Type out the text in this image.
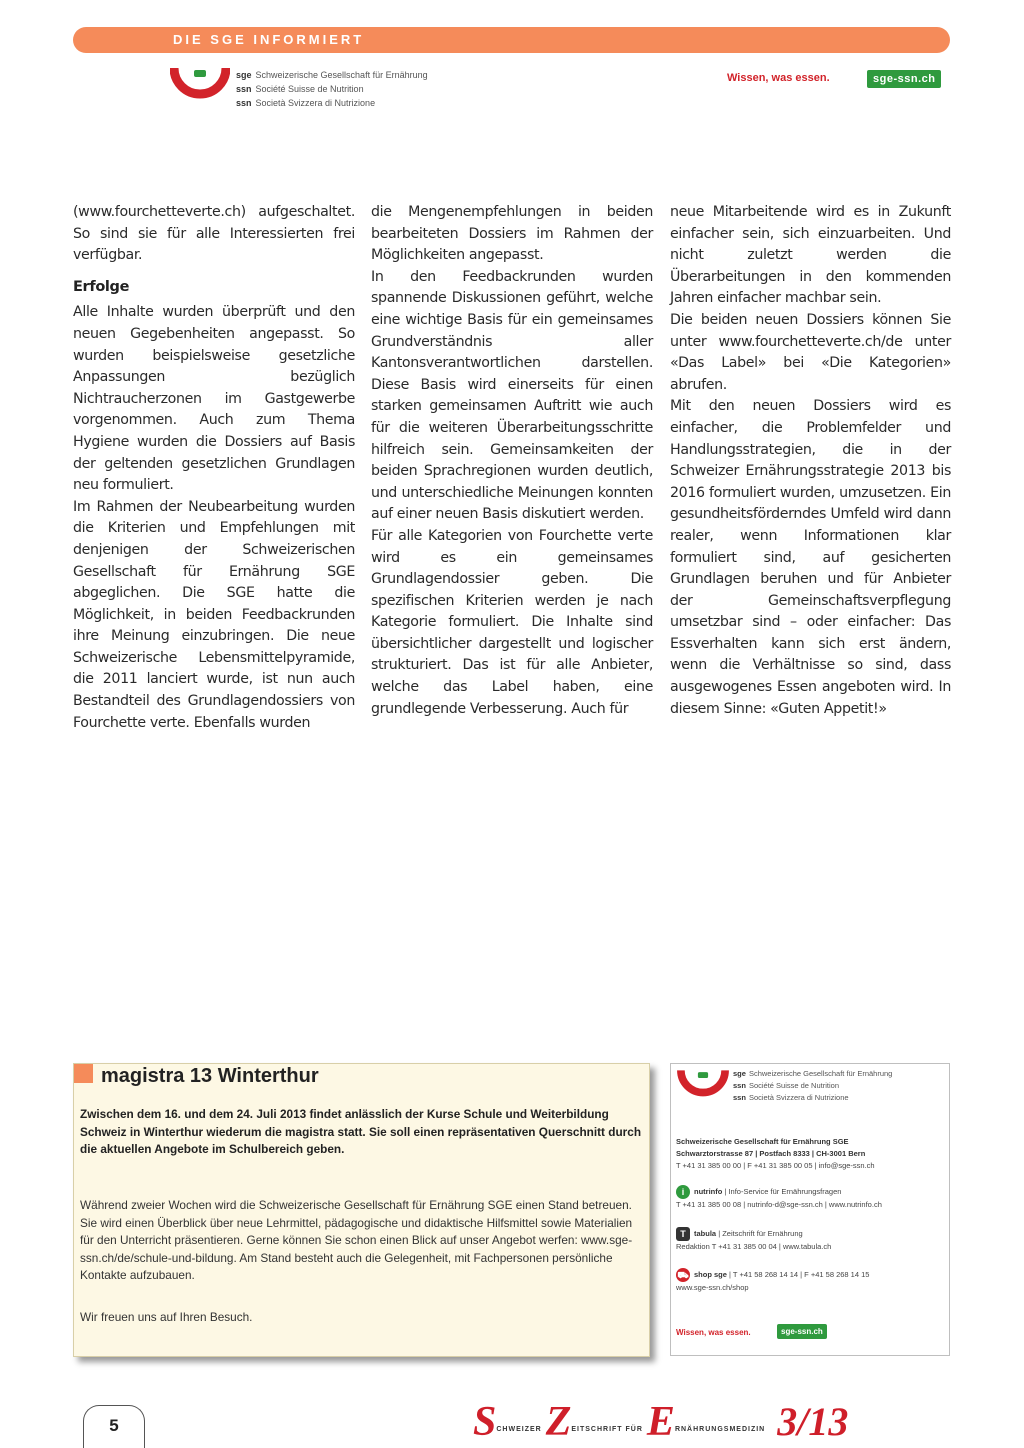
DIE SGE INFORMIERT
sge Schweizerische Gesellschaft für Ernährung
ssn Société Suisse de Nutrition
ssn Società Svizzera di Nutrizione
Wissen, was essen.	sge-ssn.ch

(www.fourchetteverte.ch) aufgeschaltet. So sind sie für alle Interessierten frei verfügbar.

Erfolge

Alle Inhalte wurden überprüft und den neuen Gegebenheiten angepasst. So wurden beispielsweise gesetzliche Anpassungen bezüglich Nichtraucherzonen im Gastgewerbe vorgenommen. Auch zum Thema Hygiene wurden die Dossiers auf Basis der geltenden gesetzlichen Grundlagen neu formuliert.

Im Rahmen der Neubearbeitung wurden die Kriterien und Empfehlungen mit denjenigen der Schweizerischen Gesellschaft für Ernährung SGE abgeglichen. Die SGE hatte die Möglichkeit, in beiden Feedbackrunden ihre Meinung einzubringen. Die neue Schweizerische Lebensmittelpyramide, die 2011 lanciert wurde, ist nun auch Bestandteil des Grundlagendossiers von Fourchette verte. Ebenfalls wurden

die Mengenempfehlungen in beiden bearbeiteten Dossiers im Rahmen der Möglichkeiten angepasst.

In den Feedbackrunden wurden spannende Diskussionen geführt, welche eine wichtige Basis für ein gemeinsames Grundverständnis aller Kantonsverantwortlichen darstellen. Diese Basis wird einerseits für einen starken gemeinsamen Auftritt wie auch für die weiteren Überarbeitungsschritte hilfreich sein. Gemeinsamkeiten der beiden Sprachregionen wurden deutlich, und unterschiedliche Meinungen konnten auf einer neuen Basis diskutiert werden.

Für alle Kategorien von Fourchette verte wird es ein gemeinsames Grundlagendossier geben. Die spezifischen Kriterien werden je nach Kategorie formuliert. Die Inhalte sind übersichtlicher dargestellt und logischer strukturiert. Das ist für alle Anbieter, welche das Label haben, eine grundlegende Verbesserung. Auch für

neue Mitarbeitende wird es in Zukunft einfacher sein, sich einzuarbeiten. Und nicht zuletzt werden die Überarbeitungen in den kommenden Jahren einfacher machbar sein.

Die beiden neuen Dossiers können Sie unter www.fourchetteverte.ch/de unter «Das Label» bei «Die Kategorien» abrufen.

Mit den neuen Dossiers wird es einfacher, die Problemfelder und Handlungsstrategien, die in der Schweizer Ernährungsstrategie 2013 bis 2016 formuliert wurden, umzusetzen. Ein gesundheitsförderndes Umfeld wird dann realer, wenn Informationen klar formuliert sind, auf gesicherten Grundlagen beruhen und für Anbieter der Gemeinschaftsverpflegung umsetzbar sind – oder einfacher: Das Essverhalten kann sich erst ändern, wenn die Verhältnisse so sind, dass ausgewogenes Essen angeboten wird. In diesem Sinne: «Guten Appetit!»

magistra 13 Winterthur
Zwischen dem 16. und dem 24. Juli 2013 findet anlässlich der Kurse Schule und Weiterbildung Schweiz in Winterthur wiederum die magistra statt. Sie soll einen repräsentativen Querschnitt durch die aktuellen Angebote im Schulbereich geben.
Während zweier Wochen wird die Schweizerische Gesellschaft für Ernährung SGE einen Stand betreuen. Sie wird einen Überblick über neue Lehrmittel, pädagogische und didaktische Hilfsmittel sowie Materialien für den Unterricht präsentieren. Gerne können Sie schon einen Blick auf unser Angebot werfen: www.sge-ssn.ch/de/schule-und-bildung. Am Stand besteht auch die Gelegenheit, mit Fachpersonen persönliche Kontakte aufzubauen.
Wir freuen uns auf Ihren Besuch.
sge Schweizerische Gesellschaft für Ernährung
ssn Société Suisse de Nutrition
ssn Società Svizzera di Nutrizione
Schweizerische Gesellschaft für Ernährung SGE
Schwarztorstrasse 87 | Postfach 8333 | CH-3001 Bern
T +41 31 385 00 00 | F +41 31 385 00 05 | info@sge-ssn.ch
i nutrinfo | Info-Service für Ernährungsfragen
T +41 31 385 00 08 | nutrinfo-d@sge-ssn.ch | www.nutrinfo.ch
T tabula | Zeitschrift für Ernährung
Redaktion T +41 31 385 00 04 | www.tabula.ch
⛟ shop sge | T +41 58 268 14 14 | F +41 58 268 14 15
www.sge-ssn.ch/shop
Wissen, was essen.	sge-ssn.ch
5	$S^{CHWEIZER}$ $Z^{EITSCHRIFT FÜR}$ $E^{RNÄHRUNGSMEDIZIN}$ 3/13
